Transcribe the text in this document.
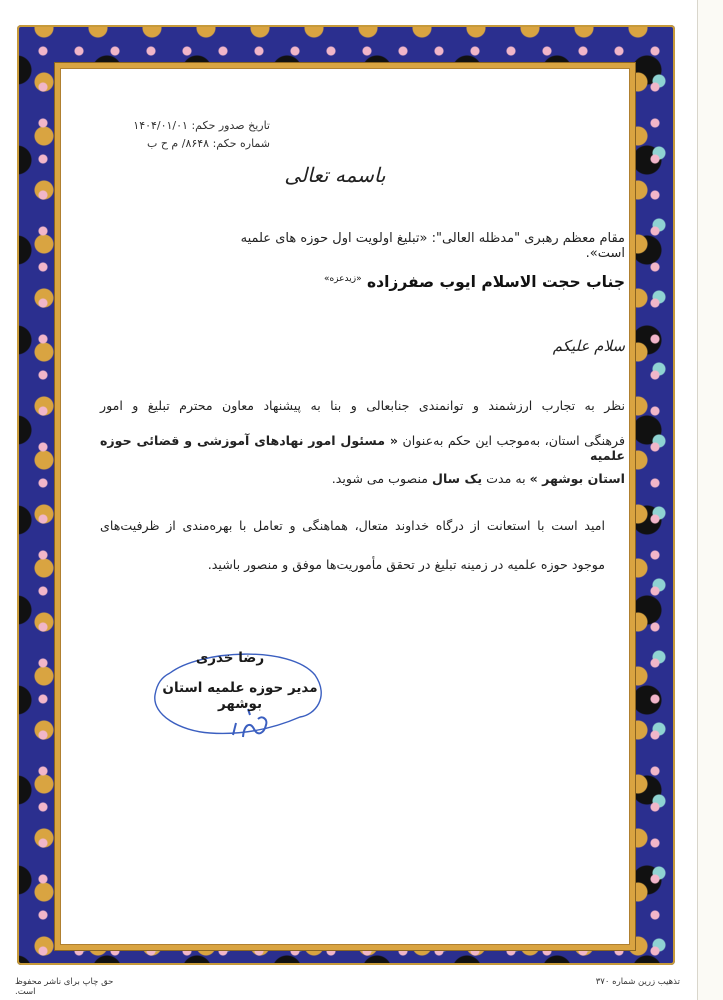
تاریخ صدور حکم: ۱۴۰۴/۰۱/۰۱
شماره حکم: ۸۶۴۸/ م ح ب
باسمه تعالی
مقام معظم رهبری "مدظله العالی": «تبلیغ اولویت اول حوزه های علمیه است».
جناب حجت الاسلام ایوب صفرزاده $^{«زیدعزه»}$
سلام علیکم
نظر به تجارب ارزشمند و توانمندی جنابعالی و بنا به پیشنهاد معاون محترم تبلیغ و امور
فرهنگی استان، به‌موجب این حکم به‌عنوان « مسئول امور نهادهای آموزشی و قضائی حوزه علمیه
استان بوشهر » به مدت یک سال منصوب می شوید.
امید است با استعانت از درگاه خداوند متعال، هماهنگی و تعامل با بهره‌مندی از ظرفیت‌های
موجود حوزه علمیه در زمینه تبلیغ در تحقق مأموریت‌ها موفق و منصور باشید.
رضا خدری
مدیر حوزه علمیه استان بوشهر
حق چاپ برای ناشر محفوظ است.
تذهیب زرین شماره ۳۷۰
